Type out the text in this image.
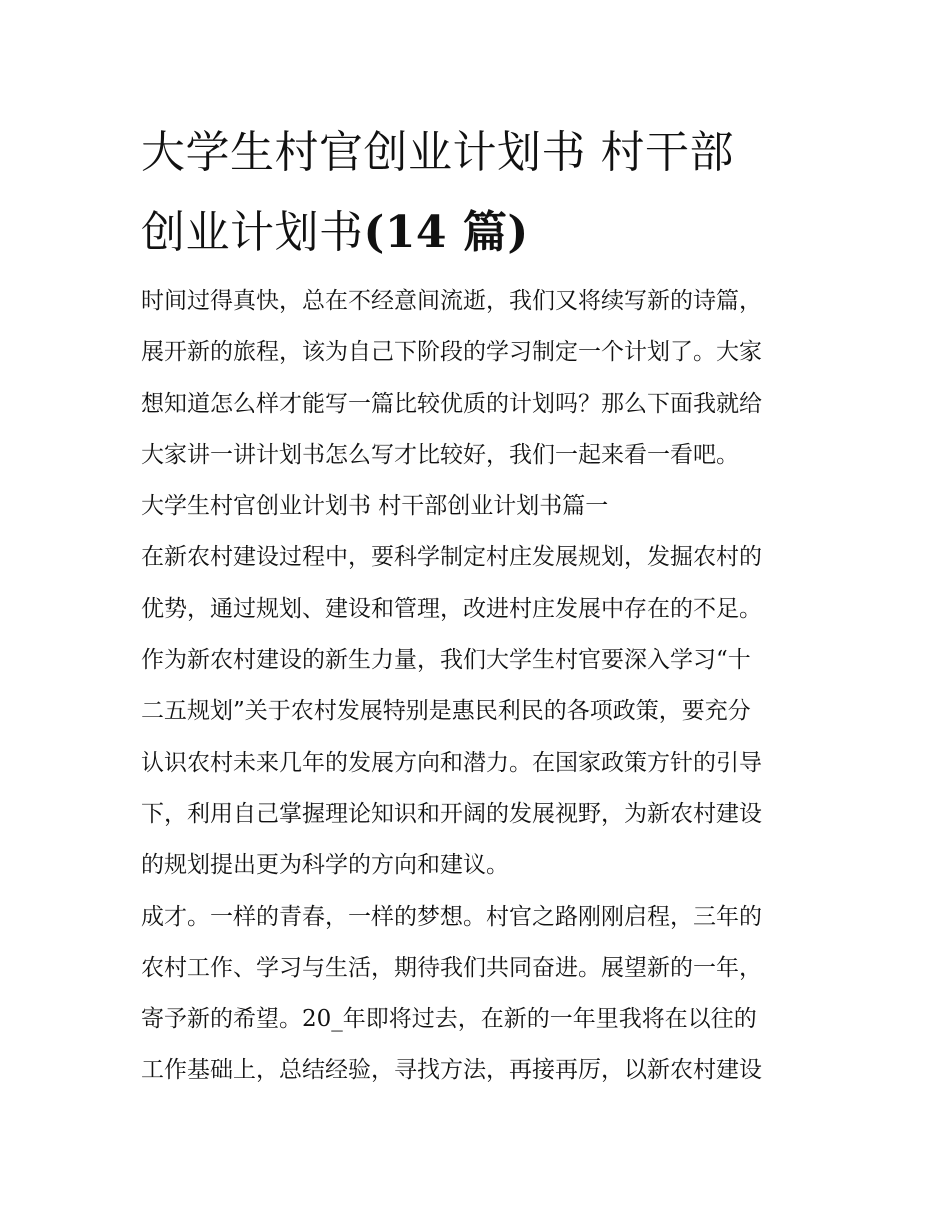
大学生村官创业计划书 村干部
创业计划书(14 篇)
时间过得真快，总在不经意间流逝，我们又将续写新的诗篇，
展开新的旅程，该为自己下阶段的学习制定一个计划了。大家
想知道怎么样才能写一篇比较优质的计划吗？那么下面我就给
大家讲一讲计划书怎么写才比较好，我们一起来看一看吧。
大学生村官创业计划书 村干部创业计划书篇一
在新农村建设过程中，要科学制定村庄发展规划，发掘农村的
优势，通过规划、建设和管理，改进村庄发展中存在的不足。
作为新农村建设的新生力量，我们大学生村官要深入学习“十
二五规划”关于农村发展特别是惠民利民的各项政策，要充分
认识农村未来几年的发展方向和潜力。在国家政策方针的引导
下，利用自己掌握理论知识和开阔的发展视野，为新农村建设
的规划提出更为科学的方向和建议。
成才。一样的青春，一样的梦想。村官之路刚刚启程，三年的
农村工作、学习与生活，期待我们共同奋进。展望新的一年，
寄予新的希望。20_年即将过去，在新的一年里我将在以往的
工作基础上，总结经验，寻找方法，再接再厉，以新农村建设
